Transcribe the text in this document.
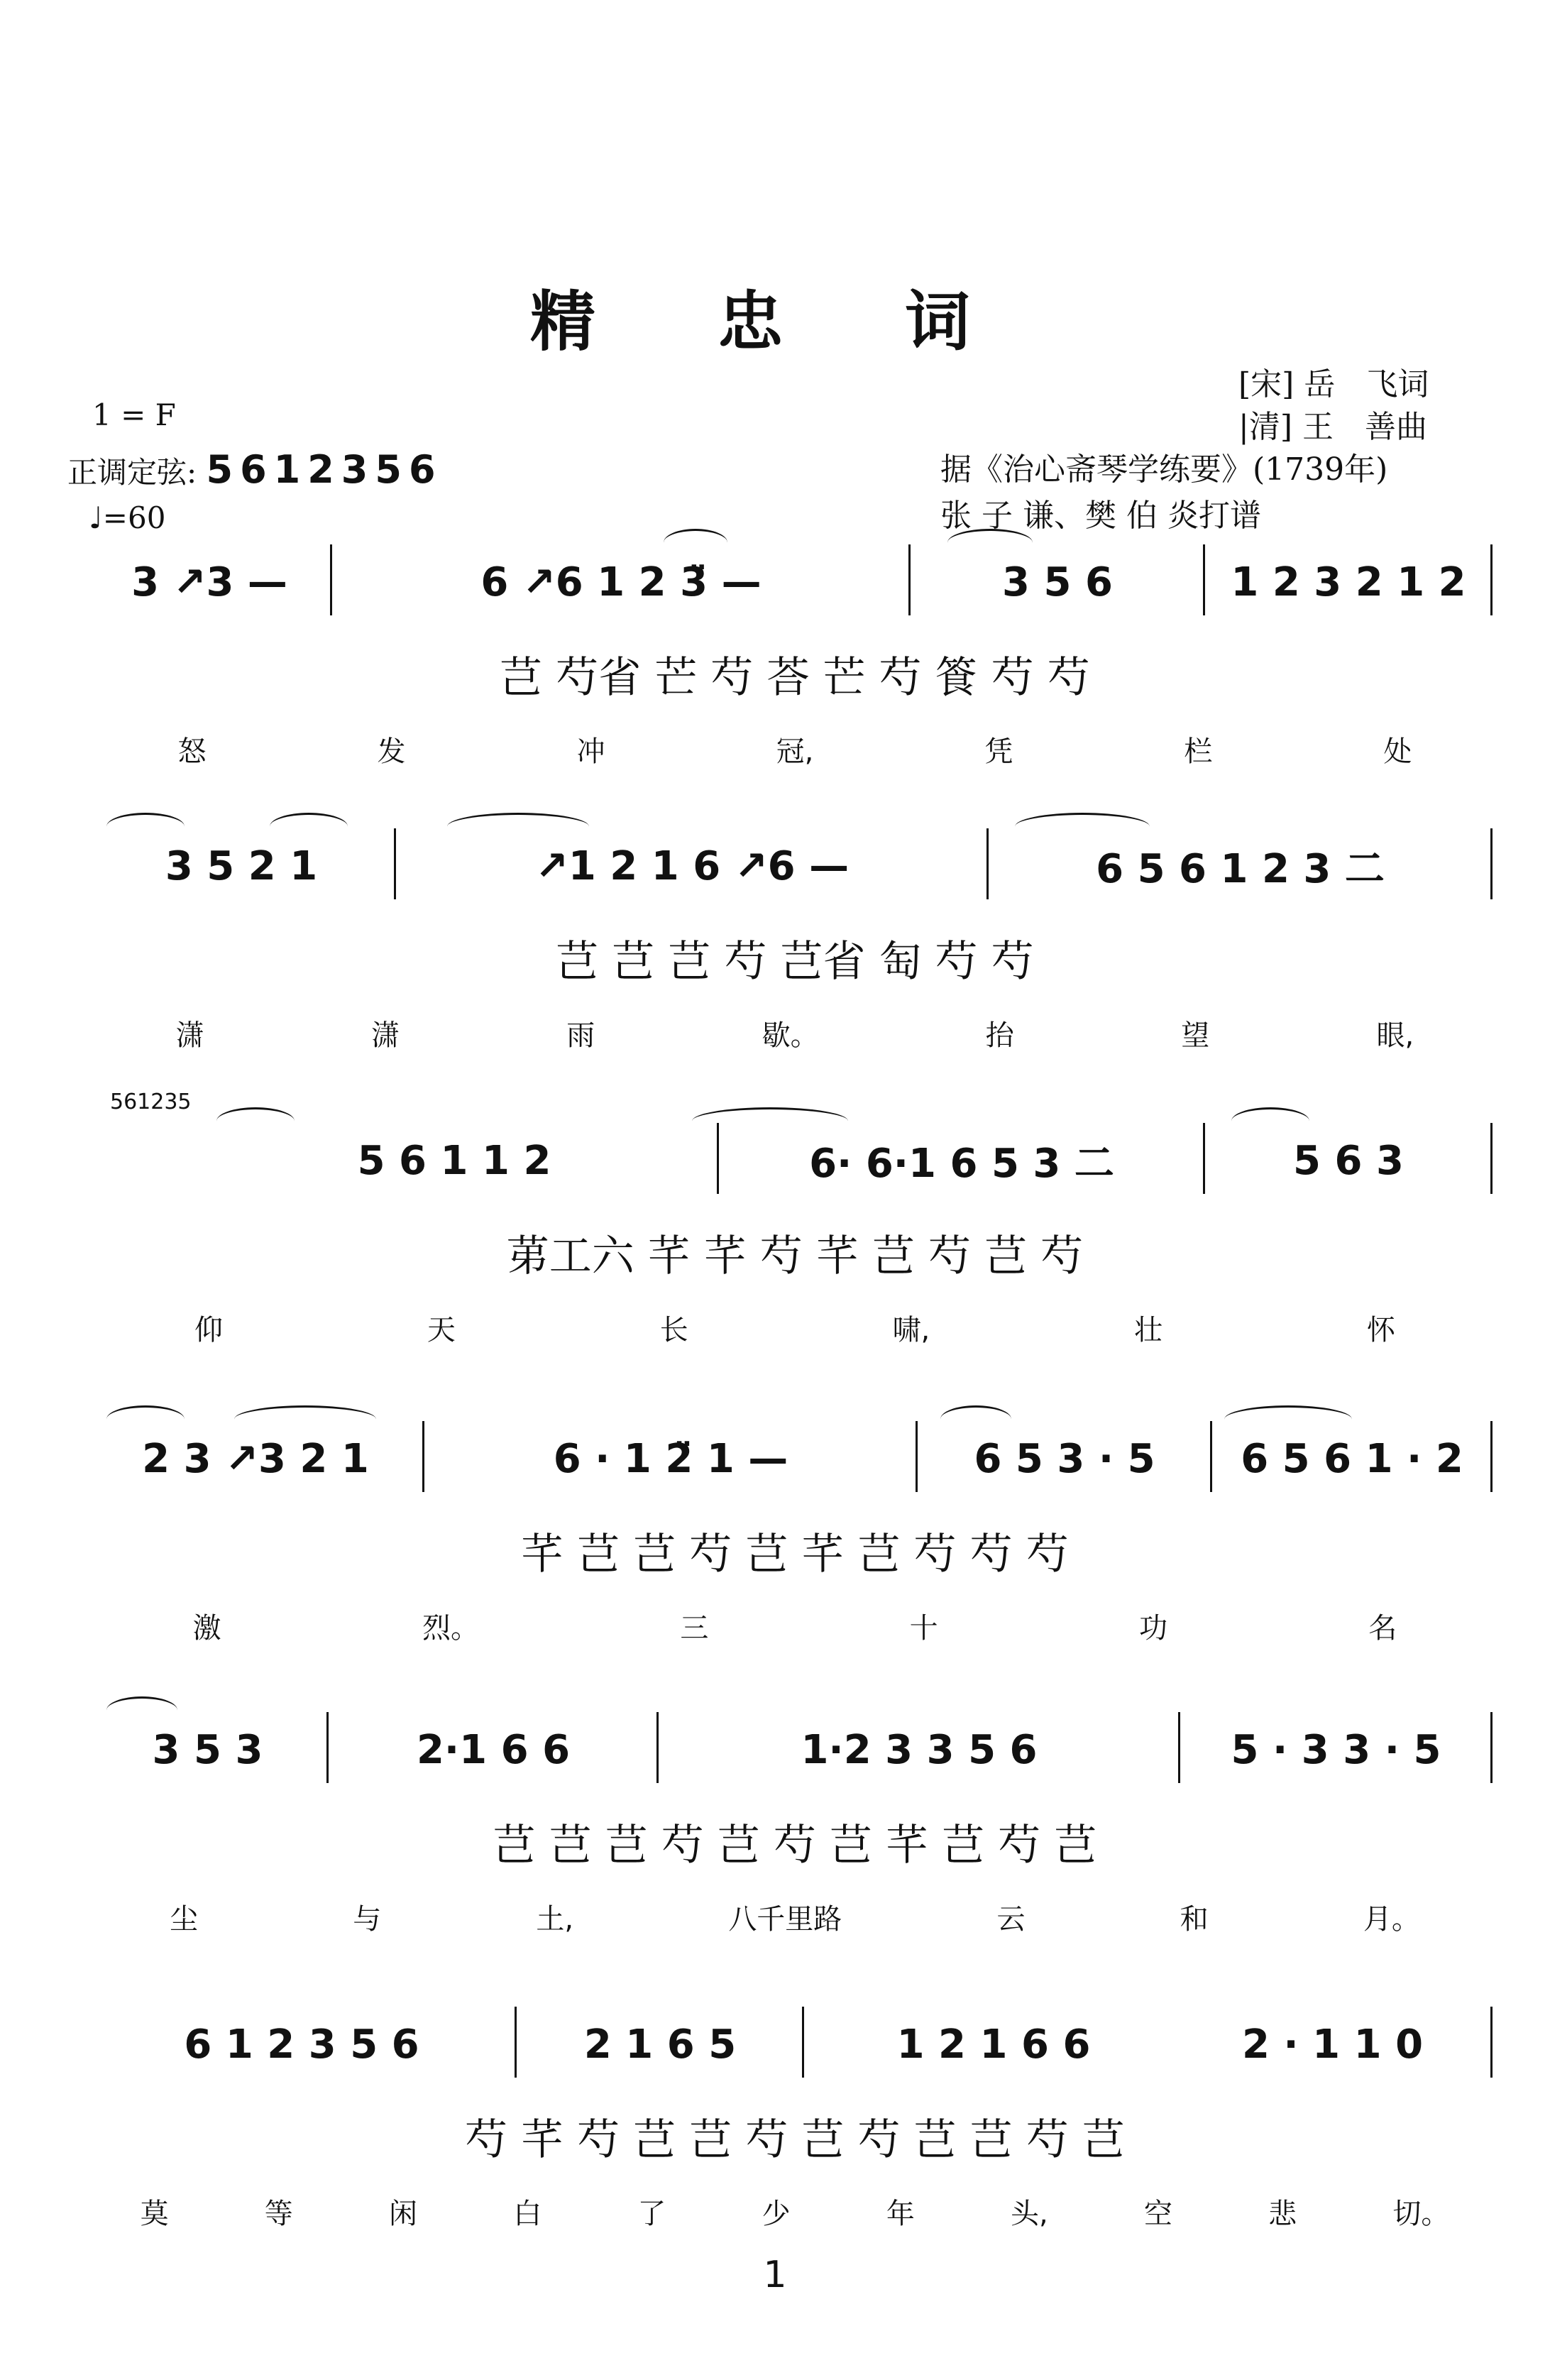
精 忠 词
[宋] 岳　飞词
|清] 王　善曲
据《治心斋琴学练要》(1739年)
张 子 谦、樊 伯 炎打谱
1 = F
正调定弦: 5612356
♩=60
3 ↗3 —	6 ↗6 1 2 3̈ —	3 5 6	1 2 3 2 1 2
芑 芍省 芒 芍 荅 芒 芍 篒 芍 芍
怒	发	冲	冠,	凭	栏	处
3 5 2 1	↗1 2 1 6 ↗6 —	6 5 6 1 2 3 二
芑 芑 芑 芍 芑省 匋 芍 芍
潇	潇	雨	歇。	抬	望	眼,
561235
5 6 1 1 2	6· 6·1 6 5 3 二	5 6 3
苐工六 芊 芊 芍 芊 芑 芍 芑 芍
仰	天	长	啸,	壮	怀
2 3 ↗3 2 1	6 · 1 2̈ 1 —	6 5 3 · 5	6 5 6 1 · 2
芊 芑 芑 芍 芑 芊 芑 芍 芍 芍
激	烈。	三	十	功	名
3 5 3	2·1 6 6	1·2 3 3 5 6	5 · 3 3 · 5
芑 芑 芑 芍 芑 芍 芑 芊 芑 芍 芑
尘	与	土,	八千里路	云	和	月。
6 1 2 3 5 6	2 1 6 5	1 2 1 6 6	2 · 1 1 0
芍 芊 芍 芑 芑 芍 芑 芍 芑 芑 芍 芑
莫	等	闲	白	了	少	年	头,	空	悲	切。
1
